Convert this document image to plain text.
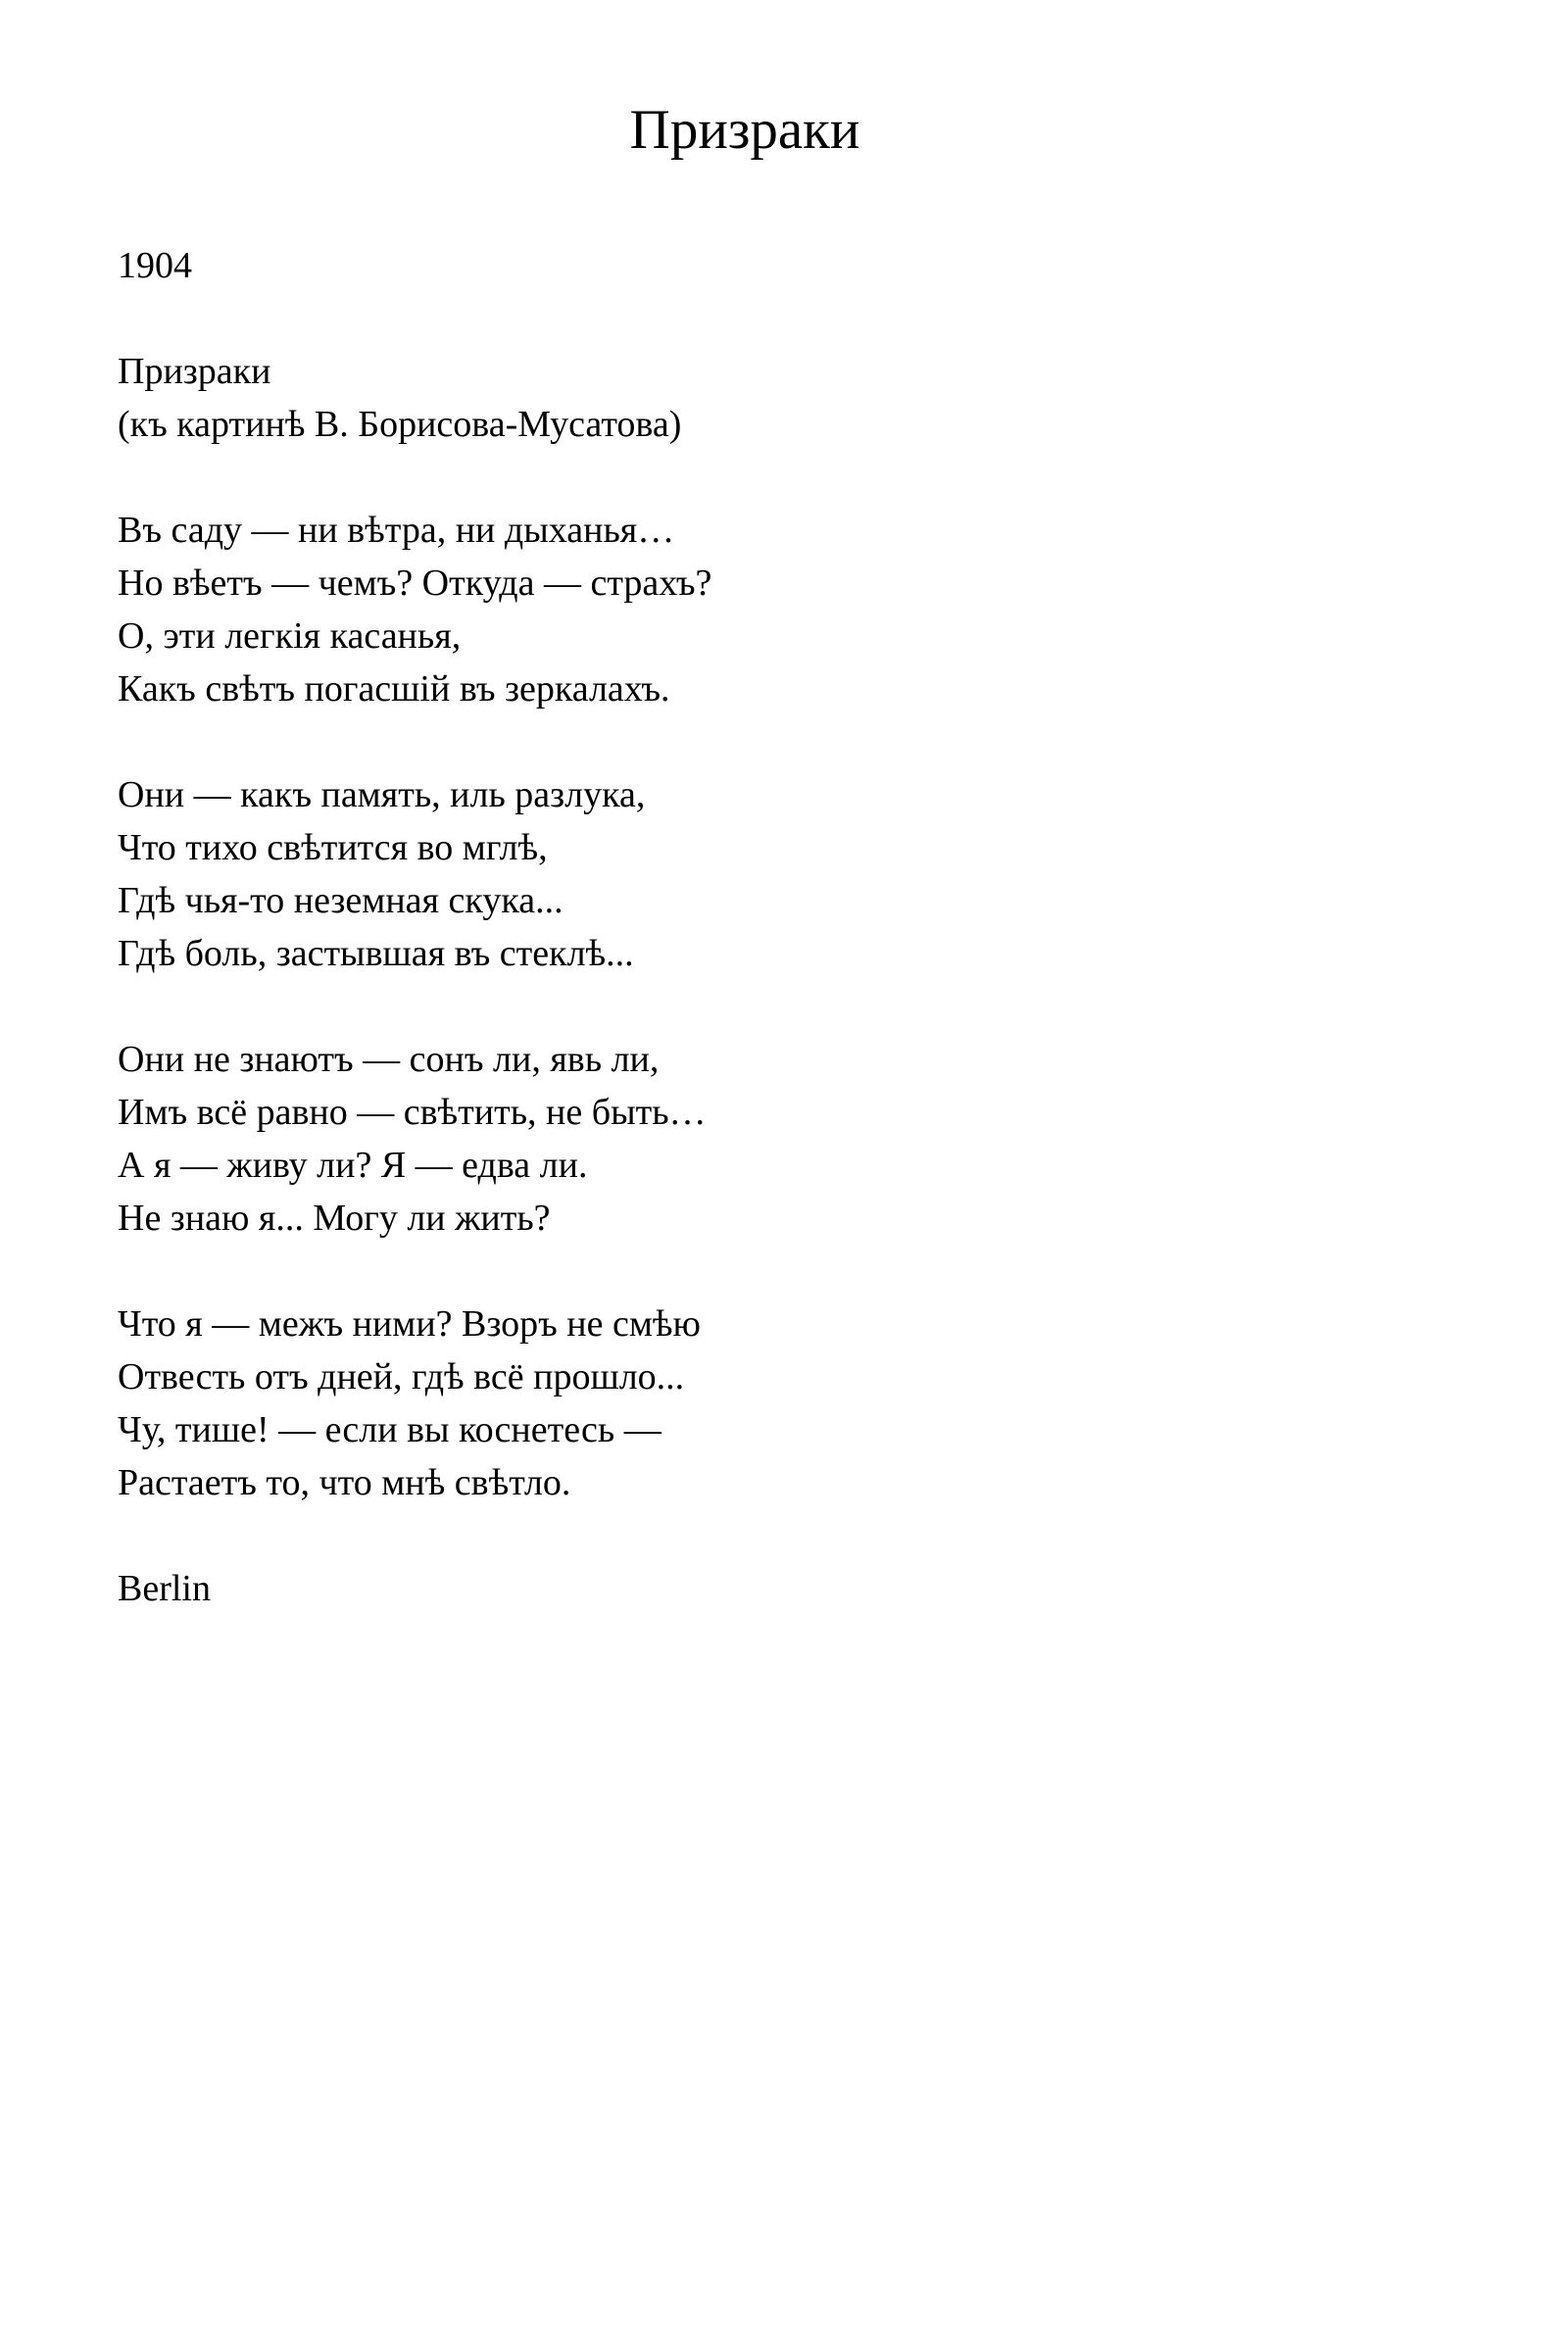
Призраки

1904

Призраки
(къ картинѣ В. Борисова-Мусатова)

Въ саду — ни вѣтра, ни дыханья…
Но вѣетъ — чемъ? Откуда — страхъ?
О, эти легкія касанья,
Какъ свѣтъ погасшій въ зеркалахъ.

Они — какъ память, иль разлука,
Что тихо свѣтится во мглѣ,
Гдѣ чья-то неземная скука...
Гдѣ боль, застывшая въ стеклѣ...

Они не знаютъ — сонъ ли, явь ли,
Имъ всё равно — свѣтить, не быть…
А я — живу ли? Я — едва ли.
Не знаю я... Могу ли жить?

Что я — межъ ними? Взоръ не смѣю
Отвесть отъ дней, гдѣ всё прошло...
Чу, тише! — если вы коснетесь —
Растаетъ то, что мнѣ свѣтло.

Berlin
